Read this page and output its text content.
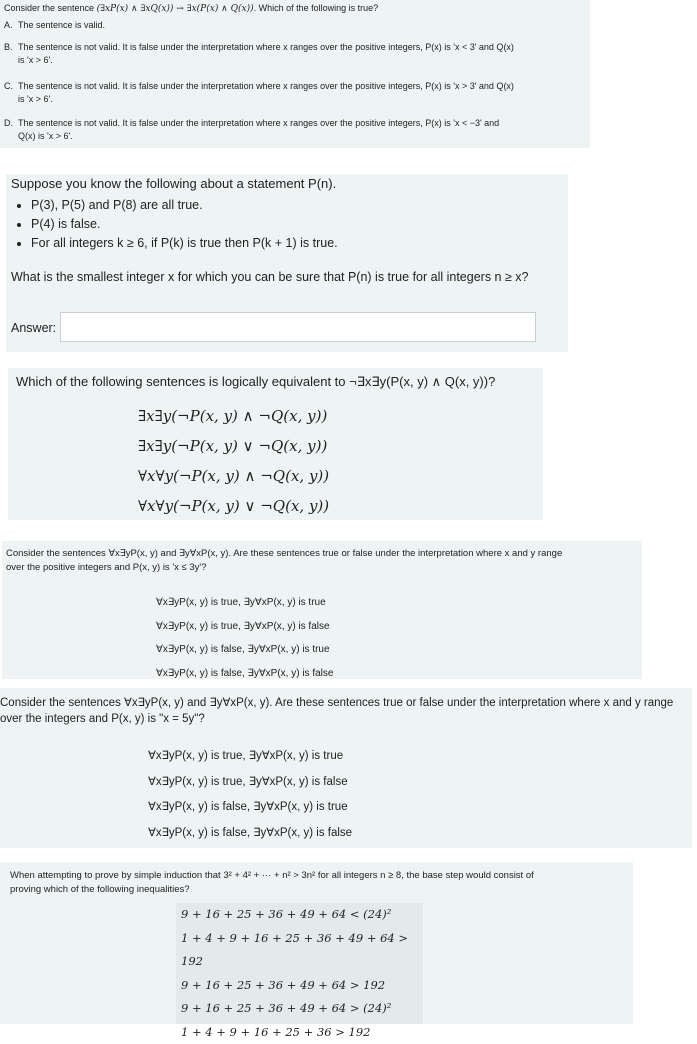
Consider the sentence (∃xP(x) ∧ ∃xQ(x)) → ∃x(P(x) ∧ Q(x)). Which of the following is true?
A. The sentence is valid.
B. The sentence is not valid. It is false under the interpretation where x ranges over the positive integers, P(x) is 'x < 3' and Q(x)
is 'x > 6'.
C. The sentence is not valid. It is false under the interpretation where x ranges over the positive integers, P(x) is 'x > 3' and Q(x)
is 'x > 6'.
D. The sentence is not valid. It is false under the interpretation where x ranges over the positive integers, P(x) is 'x < −3' and
Q(x) is 'x > 6'.
Suppose you know the following about a statement P(n).
• P(3), P(5) and P(8) are all true.
• P(4) is false.
• For all integers k ≥ 6, if P(k) is true then P(k + 1) is true.
What is the smallest integer x for which you can be sure that P(n) is true for all integers n ≥ x?
Answer:
Which of the following sentences is logically equivalent to ¬∃x∃y(P(x, y) ∧ Q(x, y))?
∃x∃y(¬P(x, y) ∧ ¬Q(x, y))
∃x∃y(¬P(x, y) ∨ ¬Q(x, y))
∀x∀y(¬P(x, y) ∧ ¬Q(x, y))
∀x∀y(¬P(x, y) ∨ ¬Q(x, y))
Consider the sentences ∀x∃yP(x, y) and ∃y∀xP(x, y). Are these sentences true or false under the interpretation where x and y range
over the positive integers and P(x, y) is 'x ≤ 3y'?
∀x∃yP(x, y) is true, ∃y∀xP(x, y) is true
∀x∃yP(x, y) is true, ∃y∀xP(x, y) is false
∀x∃yP(x, y) is false, ∃y∀xP(x, y) is true
∀x∃yP(x, y) is false, ∃y∀xP(x, y) is false
Consider the sentences ∀x∃yP(x, y) and ∃y∀xP(x, y). Are these sentences true or false under the interpretation where x and y range
over the integers and P(x, y) is "x = 5y"?
∀x∃yP(x, y) is true, ∃y∀xP(x, y) is true
∀x∃yP(x, y) is true, ∃y∀xP(x, y) is false
∀x∃yP(x, y) is false, ∃y∀xP(x, y) is true
∀x∃yP(x, y) is false, ∃y∀xP(x, y) is false
When attempting to prove by simple induction that 3² + 4² + ··· + n² > 3n² for all integers n ≥ 8, the base step would consist of
proving which of the following inequalities?
9 + 16 + 25 + 36 + 49 + 64 < (24)²
1 + 4 + 9 + 16 + 25 + 36 + 49 + 64 > 192
9 + 16 + 25 + 36 + 49 + 64 > 192
9 + 16 + 25 + 36 + 49 + 64 > (24)²
1 + 4 + 9 + 16 + 25 + 36 > 192
